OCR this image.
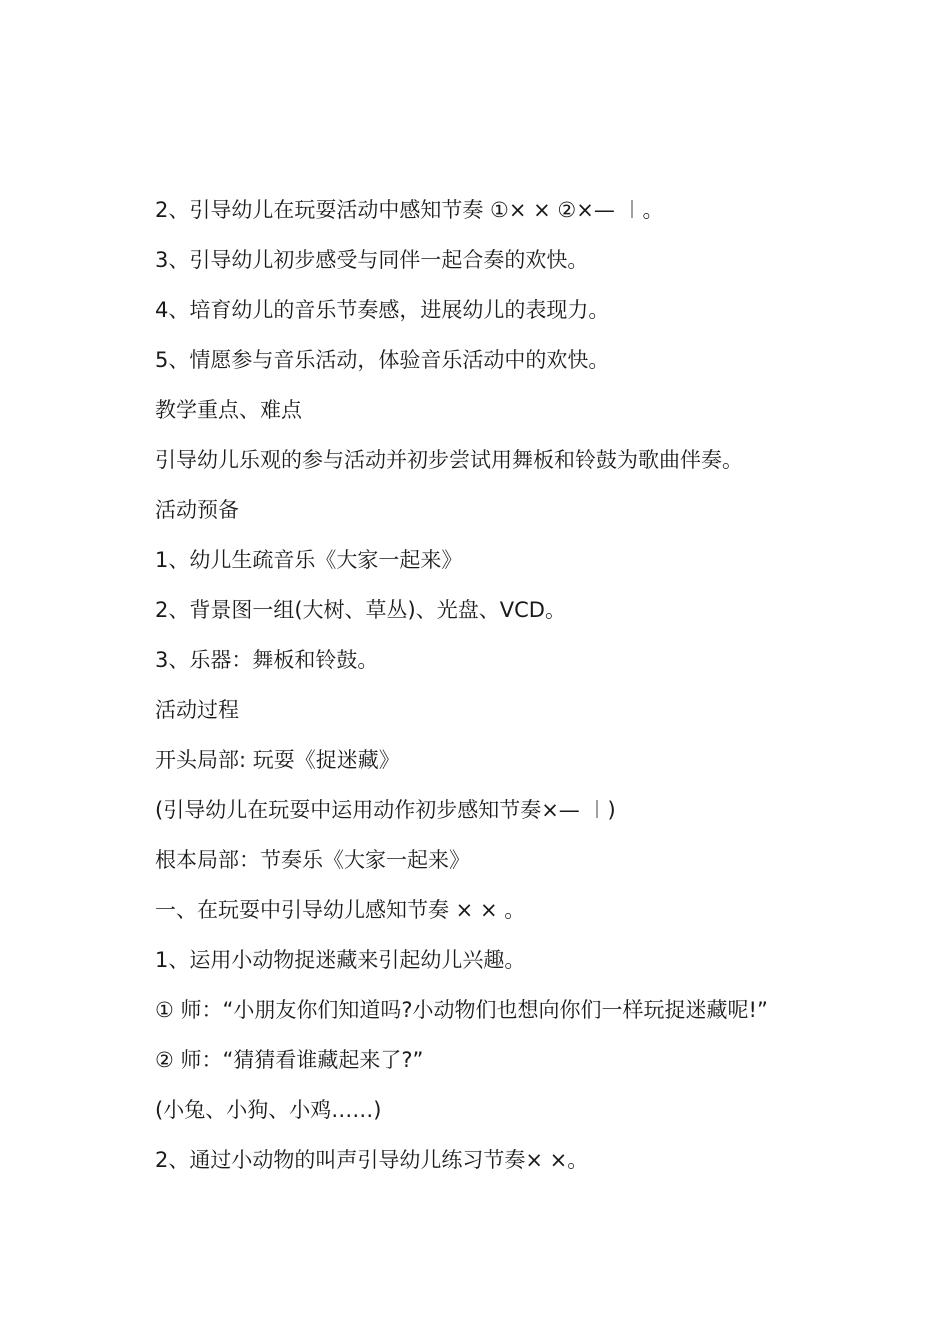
2、引导幼儿在玩耍活动中感知节奏 ①× × ②×— ︱。
3、引导幼儿初步感受与同伴一起合奏的欢快。
4、培育幼儿的音乐节奏感，进展幼儿的表现力。
5、情愿参与音乐活动，体验音乐活动中的欢快。
教学重点、难点
引导幼儿乐观的参与活动并初步尝试用舞板和铃鼓为歌曲伴奏。
活动预备
1、幼儿生疏音乐《大家一起来》
2、背景图一组(大树、草丛)、光盘、VCD。
3、乐器：舞板和铃鼓。
活动过程
开头局部: 玩耍《捉迷藏》
(引导幼儿在玩耍中运用动作初步感知节奏×— ︱)
根本局部：节奏乐《大家一起来》
一、在玩耍中引导幼儿感知节奏 × × 。
1、运用小动物捉迷藏来引起幼儿兴趣。
① 师：“小朋友你们知道吗?小动物们也想向你们一样玩捉迷藏呢!”
② 师：“猜猜看谁藏起来了?”
(小兔、小狗、小鸡……)
2、通过小动物的叫声引导幼儿练习节奏× ×。
